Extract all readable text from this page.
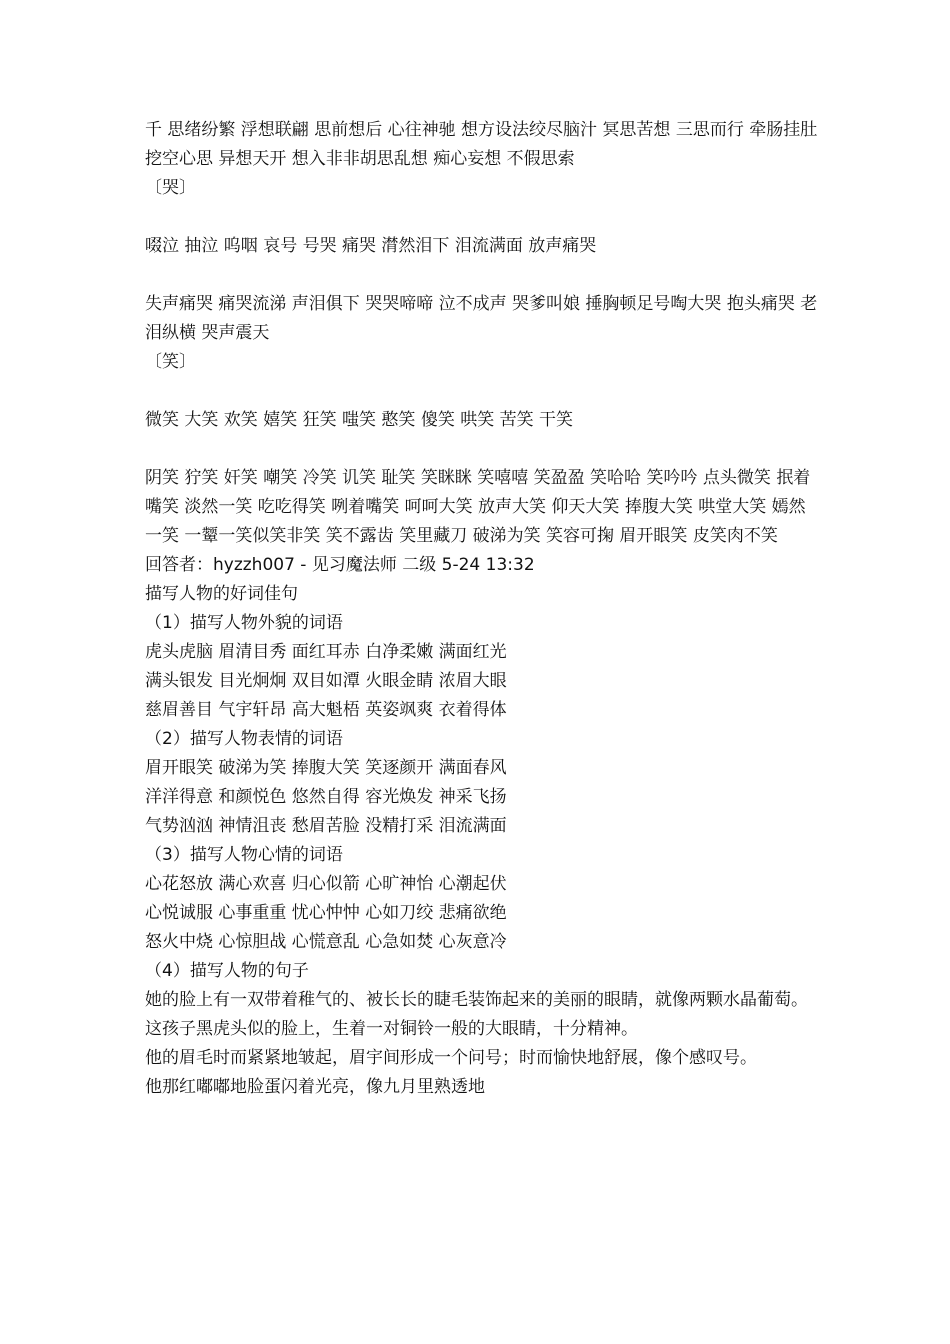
千 思绪纷繁 浮想联翩 思前想后 心往神驰 想方设法绞尽脑汁 冥思苦想 三思而行 牵肠挂肚 挖空心思 异想天开 想入非非胡思乱想 痴心妄想 不假思索

〔哭〕

啜泣 抽泣 呜咽 哀号 号哭 痛哭 潸然泪下 泪流满面 放声痛哭

失声痛哭 痛哭流涕 声泪俱下 哭哭啼啼 泣不成声 哭爹叫娘 捶胸顿足号啕大哭 抱头痛哭 老泪纵横 哭声震天

〔笑〕

微笑 大笑 欢笑 嬉笑 狂笑 嗤笑 憨笑 傻笑 哄笑 苦笑 干笑

阴笑 狞笑 奸笑 嘲笑 冷笑 讥笑 耻笑 笑眯眯 笑嘻嘻 笑盈盈 笑哈哈 笑吟吟 点头微笑 抿着嘴笑 淡然一笑 吃吃得笑 咧着嘴笑 呵呵大笑 放声大笑 仰天大笑 捧腹大笑 哄堂大笑 嫣然一笑 一颦一笑似笑非笑 笑不露齿 笑里藏刀 破涕为笑 笑容可掬 眉开眼笑 皮笑肉不笑

回答者：hyzzh007 - 见习魔法师 二级 5-24 13:32

描写人物的好词佳句

（1）描写人物外貌的词语

虎头虎脑 眉清目秀 面红耳赤 白净柔嫩 满面红光

满头银发 目光炯炯 双目如潭 火眼金睛 浓眉大眼

慈眉善目 气宇轩昂 高大魁梧 英姿飒爽 衣着得体

（2）描写人物表情的词语

眉开眼笑 破涕为笑 捧腹大笑 笑逐颜开 满面春风

洋洋得意 和颜悦色 悠然自得 容光焕发 神采飞扬

气势汹汹 神情沮丧 愁眉苦脸 没精打采 泪流满面

（3）描写人物心情的词语

心花怒放 满心欢喜 归心似箭 心旷神怡 心潮起伏

心悦诚服 心事重重 忧心忡忡 心如刀绞 悲痛欲绝

怒火中烧 心惊胆战 心慌意乱 心急如焚 心灰意冷

（4）描写人物的句子

她的脸上有一双带着稚气的、被长长的睫毛装饰起来的美丽的眼睛，就像两颗水晶葡萄。

这孩子黑虎头似的脸上，生着一对铜铃一般的大眼睛，十分精神。

他的眉毛时而紧紧地皱起，眉宇间形成一个问号；时而愉快地舒展，像个感叹号。

他那红嘟嘟地脸蛋闪着光亮，像九月里熟透地
